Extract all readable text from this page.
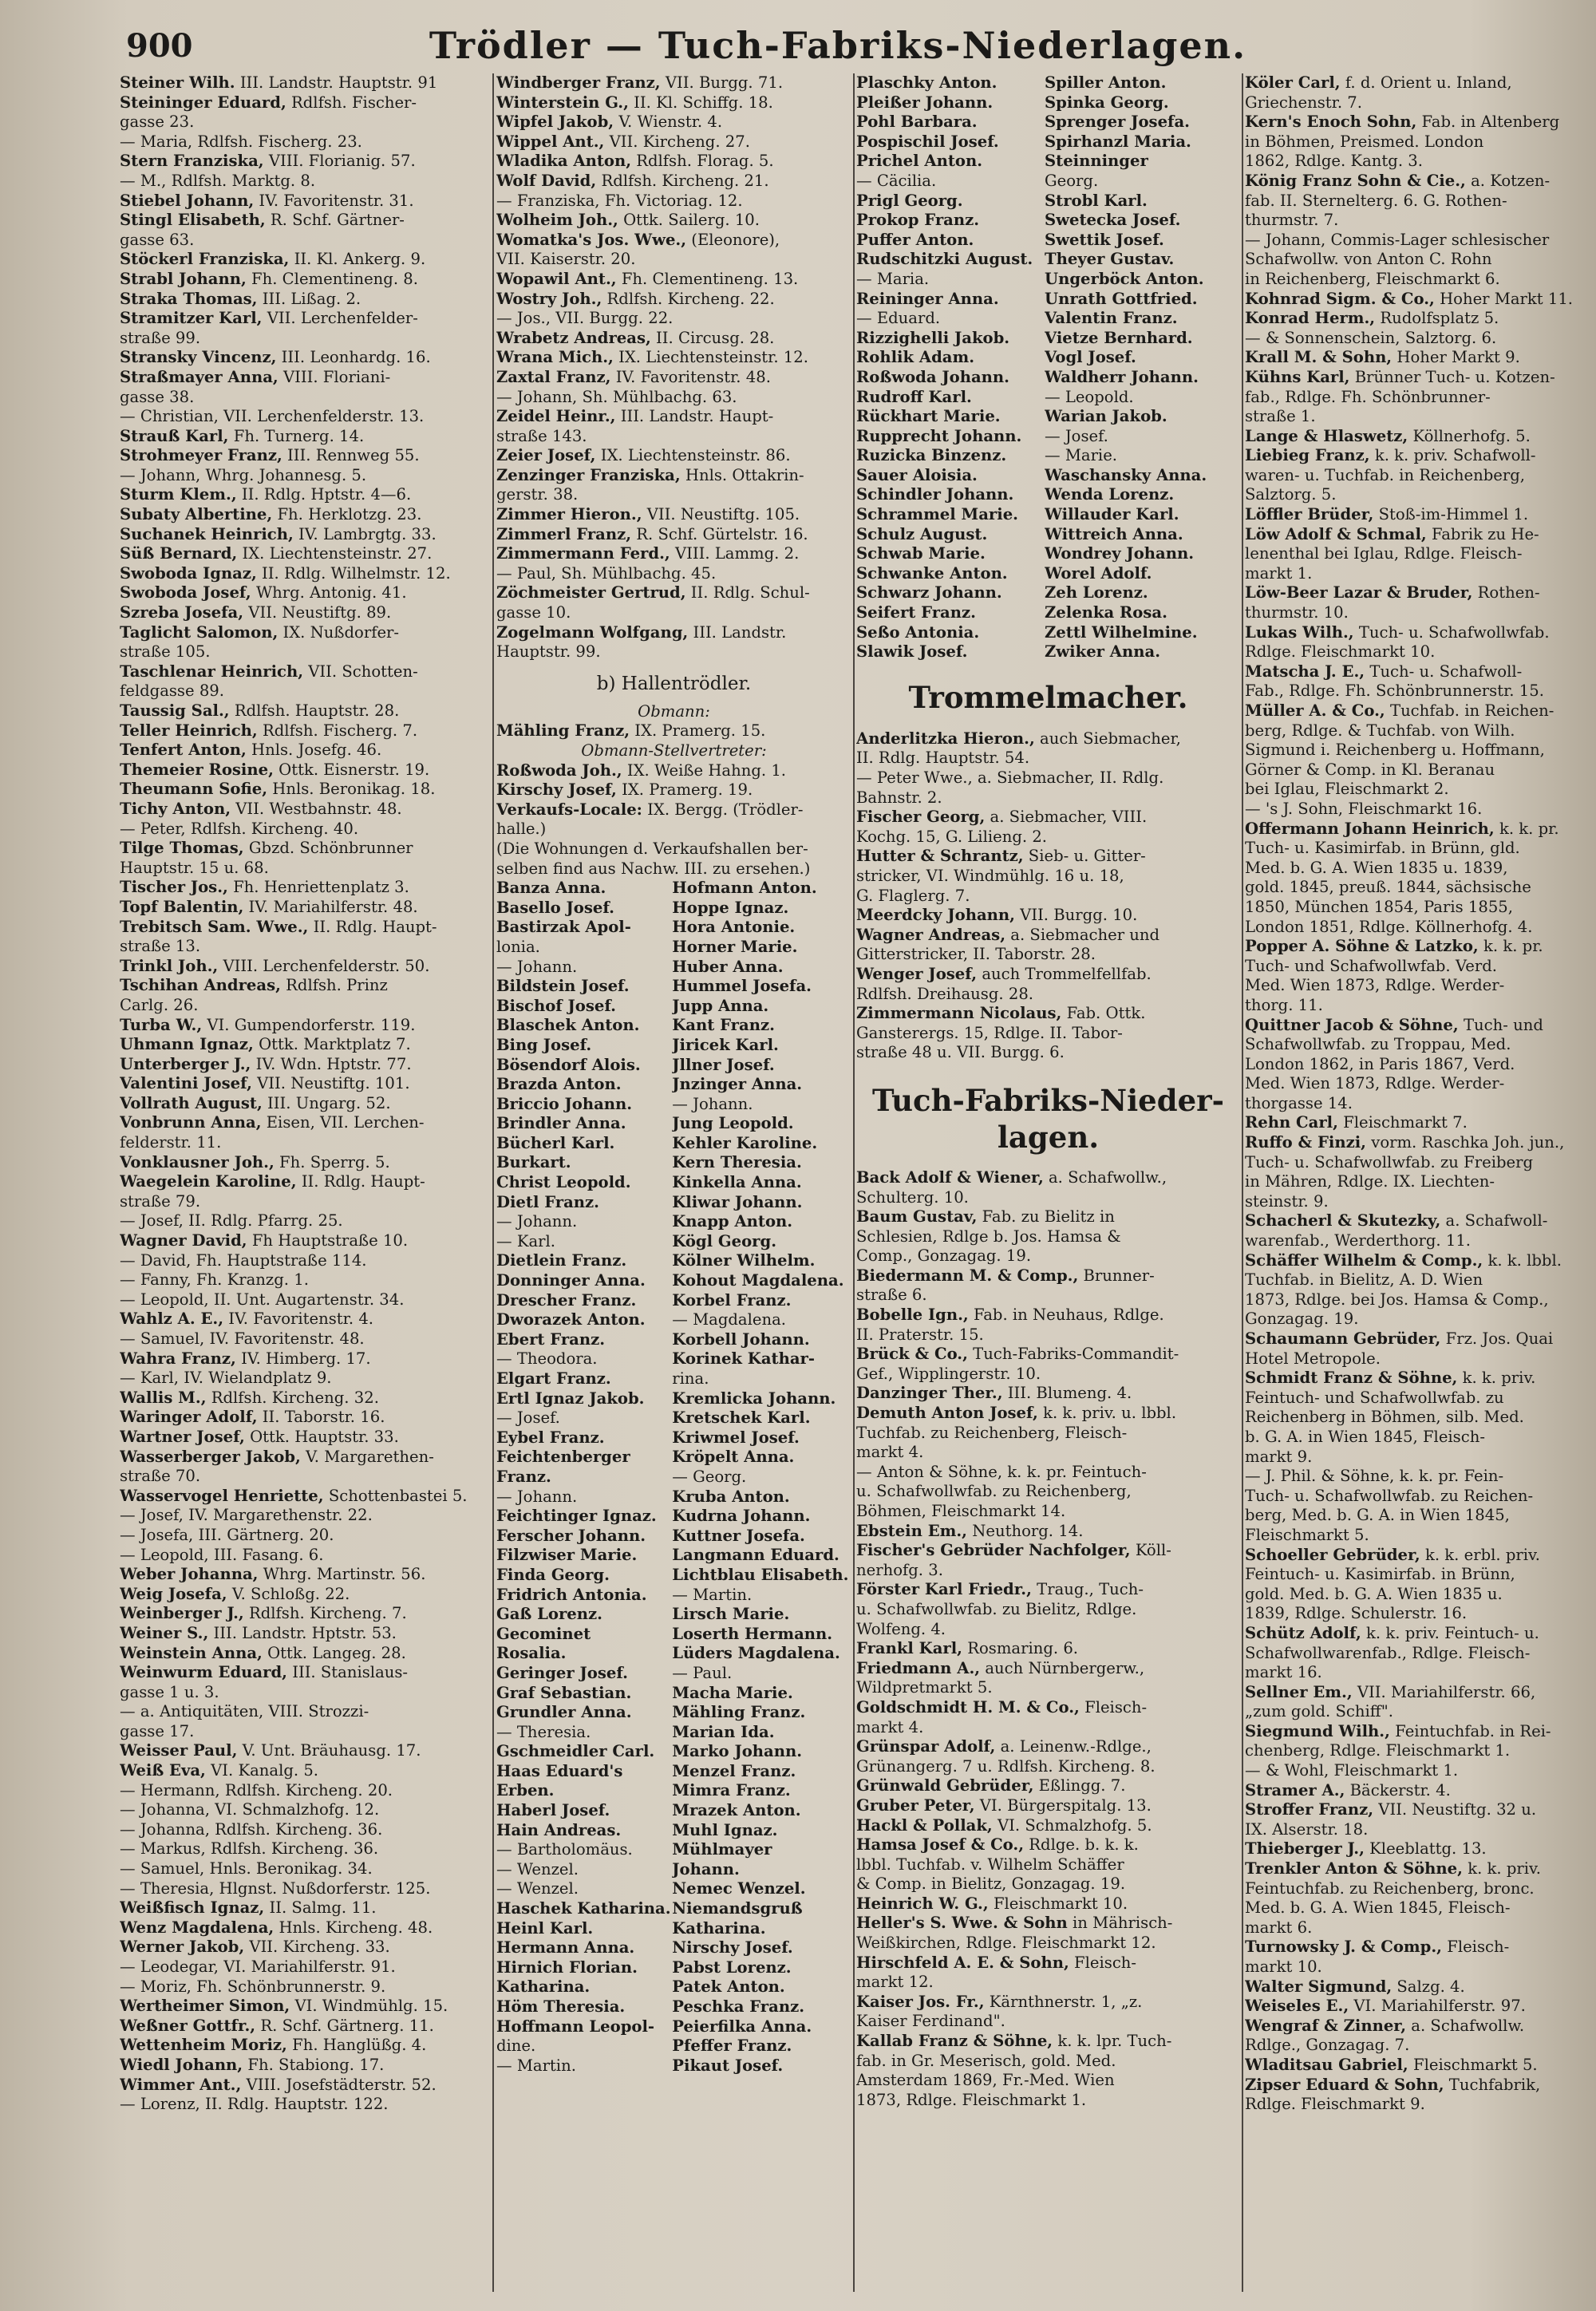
900	Trödler — Tuch-Fabriks-Niederlagen.
Steiner Wilh. III. Landstr. Hauptstr. 91
Steininger Eduard, Rdlfsh. Fischer-
gasse 23.
— Maria, Rdlfsh. Fischerg. 23.
Stern Franziska, VIII. Florianig. 57.
— M., Rdlfsh. Marktg. 8.
Stiebel Johann, IV. Favoritenstr. 31.
Stingl Elisabeth, R. Schf. Gärtner-
gasse 63.
Stöckerl Franziska, II. Kl. Ankerg. 9.
Strabl Johann, Fh. Clementineng. 8.
Straka Thomas, III. Lißag. 2.
Stramitzer Karl, VII. Lerchenfelder-
straße 99.
Stransky Vincenz, III. Leonhardg. 16.
Straßmayer Anna, VIII. Floriani-
gasse 38.
— Christian, VII. Lerchenfelderstr. 13.
Strauß Karl, Fh. Turnerg. 14.
Strohmeyer Franz, III. Rennweg 55.
— Johann, Whrg. Johannesg. 5.
Sturm Klem., II. Rdlg. Hptstr. 4—6.
Subaty Albertine, Fh. Herklotzg. 23.
Suchanek Heinrich, IV. Lambrgtg. 33.
Süß Bernard, IX. Liechtensteinstr. 27.
Swoboda Ignaz, II. Rdlg. Wilhelmstr. 12.
Swoboda Josef, Whrg. Antonig. 41.
Szreba Josefa, VII. Neustiftg. 89.
Taglicht Salomon, IX. Nußdorfer-
straße 105.
Taschlenar Heinrich, VII. Schotten-
feldgasse 89.
Taussig Sal., Rdlfsh. Hauptstr. 28.
Teller Heinrich, Rdlfsh. Fischerg. 7.
Tenfert Anton, Hnls. Josefg. 46.
Themeier Rosine, Ottk. Eisnerstr. 19.
Theumann Sofie, Hnls. Beronikag. 18.
Tichy Anton, VII. Westbahnstr. 48.
— Peter, Rdlfsh. Kircheng. 40.
Tilge Thomas, Gbzd. Schönbrunner
Hauptstr. 15 u. 68.
Tischer Jos., Fh. Henriettenplatz 3.
Topf Balentin, IV. Mariahilferstr. 48.
Trebitsch Sam. Wwe., II. Rdlg. Haupt-
straße 13.
Trinkl Joh., VIII. Lerchenfelderstr. 50.
Tschihan Andreas, Rdlfsh. Prinz
Carlg. 26.
Turba W., VI. Gumpendorferstr. 119.
Uhmann Ignaz, Ottk. Marktplatz 7.
Unterberger J., IV. Wdn. Hptstr. 77.
Valentini Josef, VII. Neustiftg. 101.
Vollrath August, III. Ungarg. 52.
Vonbrunn Anna, Eisen, VII. Lerchen-
felderstr. 11.
Vonklausner Joh., Fh. Sperrg. 5.
Waegelein Karoline, II. Rdlg. Haupt-
straße 79.
— Josef, II. Rdlg. Pfarrg. 25.
Wagner David, Fh Hauptstraße 10.
— David, Fh. Hauptstraße 114.
— Fanny, Fh. Kranzg. 1.
— Leopold, II. Unt. Augartenstr. 34.
Wahlz A. E., IV. Favoritenstr. 4.
— Samuel, IV. Favoritenstr. 48.
Wahra Franz, IV. Himberg. 17.
— Karl, IV. Wielandplatz 9.
Wallis M., Rdlfsh. Kircheng. 32.
Waringer Adolf, II. Taborstr. 16.
Wartner Josef, Ottk. Hauptstr. 33.
Wasserberger Jakob, V. Margarethen-
straße 70.
Wasservogel Henriette, Schottenbastei 5.
— Josef, IV. Margarethenstr. 22.
— Josefa, III. Gärtnerg. 20.
— Leopold, III. Fasang. 6.
Weber Johanna, Whrg. Martinstr. 56.
Weig Josefa, V. Schloßg. 22.
Weinberger J., Rdlfsh. Kircheng. 7.
Weiner S., III. Landstr. Hptstr. 53.
Weinstein Anna, Ottk. Langeg. 28.
Weinwurm Eduard, III. Stanislaus-
gasse 1 u. 3.
— a. Antiquitäten, VIII. Strozzi-
gasse 17.
Weisser Paul, V. Unt. Bräuhausg. 17.
Weiß Eva, VI. Kanalg. 5.
— Hermann, Rdlfsh. Kircheng. 20.
— Johanna, VI. Schmalzhofg. 12.
— Johanna, Rdlfsh. Kircheng. 36.
— Markus, Rdlfsh. Kircheng. 36.
— Samuel, Hnls. Beronikag. 34.
— Theresia, Hlgnst. Nußdorferstr. 125.
Weißfisch Ignaz, II. Salmg. 11.
Wenz Magdalena, Hnls. Kircheng. 48.
Werner Jakob, VII. Kircheng. 33.
— Leodegar, VI. Mariahilferstr. 91.
— Moriz, Fh. Schönbrunnerstr. 9.
Wertheimer Simon, VI. Windmühlg. 15.
Weßner Gottfr., R. Schf. Gärtnerg. 11.
Wettenheim Moriz, Fh. Hanglüßg. 4.
Wiedl Johann, Fh. Stabiong. 17.
Wimmer Ant., VIII. Josefstädterstr. 52.
— Lorenz, II. Rdlg. Hauptstr. 122.
Windberger Franz, VII. Burgg. 71.
Winterstein G., II. Kl. Schiffg. 18.
Wipfel Jakob, V. Wienstr. 4.
Wippel Ant., VII. Kircheng. 27.
Wladika Anton, Rdlfsh. Florag. 5.
Wolf David, Rdlfsh. Kircheng. 21.
— Franziska, Fh. Victoriag. 12.
Wolheim Joh., Ottk. Sailerg. 10.
Womatka's Jos. Wwe., (Eleonore),
VII. Kaiserstr. 20.
Wopawil Ant., Fh. Clementineng. 13.
Wostry Joh., Rdlfsh. Kircheng. 22.
— Jos., VII. Burgg. 22.
Wrabetz Andreas, II. Circusg. 28.
Wrana Mich., IX. Liechtensteinstr. 12.
Zaxtal Franz, IV. Favoritenstr. 48.
— Johann, Sh. Mühlbachg. 63.
Zeidel Heinr., III. Landstr. Haupt-
straße 143.
Zeier Josef, IX. Liechtensteinstr. 86.
Zenzinger Franziska, Hnls. Ottakrin-
gerstr. 38.
Zimmer Hieron., VII. Neustiftg. 105.
Zimmerl Franz, R. Schf. Gürtelstr. 16.
Zimmermann Ferd., VIII. Lammg. 2.
— Paul, Sh. Mühlbachg. 45.
Zöchmeister Gertrud, II. Rdlg. Schul-
gasse 10.
Zogelmann Wolfgang, III. Landstr.
Hauptstr. 99.
b) Hallentrödler.
Obmann:
Mähling Franz, IX. Pramerg. 15.
Obmann-Stellvertreter:
Roßwoda Joh., IX. Weiße Hahng. 1.
Kirschy Josef, IX. Pramerg. 19.
Verkaufs-Locale: IX. Bergg. (Trödler-
halle.)
(Die Wohnungen d. Verkaufshallen ber-
selben find aus Nachw. III. zu ersehen.)
Banza Anna.	Hofmann Anton.
Basello Josef.	Hoppe Ignaz.
Bastirzak Apol-	Hora Antonie.
lonia.	Horner Marie.
— Johann.	Huber Anna.
Bildstein Josef.	Hummel Josefa.
Bischof Josef.	Jupp Anna.
Blaschek Anton.	Kant Franz.
Bing Josef.	Jiricek Karl.
Bösendorf Alois.	Jllner Josef.
Brazda Anton.	Jnzinger Anna.
Briccio Johann.	— Johann.
Brindler Anna.	Jung Leopold.
Bücherl Karl.	Kehler Karoline.
Burkart.	Kern Theresia.
Christ Leopold.	Kinkella Anna.
Dietl Franz.	Kliwar Johann.
— Johann.	Knapp Anton.
— Karl.	Kögl Georg.
Dietlein Franz.	Kölner Wilhelm.
Donninger Anna.	Kohout Magdalena.
Drescher Franz.	Korbel Franz.
Dworazek Anton.	— Magdalena.
Ebert Franz.	Korbell Johann.
— Theodora.	Korinek Kathar-
Elgart Franz.	rina.
Ertl Ignaz Jakob.	Kremlicka Johann.
— Josef.	Kretschek Karl.
Eybel Franz.	Kriwmel Josef.
Feichtenberger	Kröpelt Anna.
Franz.	— Georg.
— Johann.	Kruba Anton.
Feichtinger Ignaz. Kudrna Johann.
Ferscher Johann.	Kuttner Josefa.
Filzwiser Marie.	Langmann Eduard.
Finda Georg.	Lichtblau Elisabeth.
Fridrich Antonia.	— Martin.
Gaß Lorenz.	Lirsch Marie.
Gecominet	Loserth Hermann.
Rosalia.	Lüders Magdalena.
Geringer Josef.	— Paul.
Graf Sebastian.	Macha Marie.
Grundler Anna.	Mähling Franz.
— Theresia.	Marian Ida.
Gschmeidler Carl.	Marko Johann.
Haas Eduard's	Menzel Franz.
Erben.	Mimra Franz.
Haberl Josef.	Mrazek Anton.
Hain Andreas.	Muhl Ignaz.
— Bartholomäus.	Mühlmayer
— Wenzel.	Johann.
— Wenzel.	Nemec Wenzel.
Haschek Katharina. Niemandsgruß
Heinl Karl.	Katharina.
Hermann Anna.	Nirschy Josef.
Hirnich Florian.	Pabst Lorenz.
Katharina.	Patek Anton.
Höm Theresia.	Peschka Franz.
Hoffmann Leopol-	Peierfilka Anna.
dine.	Pfeffer Franz.
— Martin.	Pikaut Josef.
Plaschky Anton.
Pleißer Johann.
Pohl Barbara.
Pospischil Josef.
Prichel Anton.
— Cäcilia.
Prigl Georg.
Prokop Franz.
Puffer Anton.
Rudschitzki August.
— Maria.
Reininger Anna.
— Eduard.
Rizzighelli Jakob.
Rohlik Adam.
Roßwoda Johann.
Rudroff Karl.
Rückhart Marie.
Rupprecht Johann.
Ruzicka Binzenz.
Sauer Aloisia.
Schindler Johann.
Schrammel Marie.
Schulz August.
Schwab Marie.
Schwanke Anton.
Schwarz Johann.
Seifert Franz.
Seßo Antonia.
Slawik Josef.
Spiller Anton.
Spinka Georg.
Sprenger Josefa.
Spirhanzl Maria.
Steinninger
Georg.
Strobl Karl.
Swetecka Josef.
Swettik Josef.
Theyer Gustav.
Ungerböck Anton.
Unrath Gottfried.
Valentin Franz.
Vietze Bernhard.
Vogl Josef.
Waldherr Johann.
— Leopold.
Warian Jakob.
— Josef.
— Marie.
Waschansky Anna.
Wenda Lorenz.
Willauder Karl.
Wittreich Anna.
Wondrey Johann.
Worel Adolf.
Zeh Lorenz.
Zelenka Rosa.
Zettl Wilhelmine.
Zwiker Anna.
Trommelmacher.
Anderlitzka Hieron., auch Siebmacher,
II. Rdlg. Hauptstr. 54.
— Peter Wwe., a. Siebmacher, II. Rdlg.
Bahnstr. 2.
Fischer Georg, a. Siebmacher, VIII.
Kochg. 15, G. Lilieng. 2.
Hutter & Schrantz, Sieb- u. Gitter-
stricker, VI. Windmühlg. 16 u. 18,
G. Flaglerg. 7.
Meerdcky Johann, VII. Burgg. 10.
Wagner Andreas, a. Siebmacher und
Gitterstricker, II. Taborstr. 28.
Wenger Josef, auch Trommelfellfab.
Rdlfsh. Dreihausg. 28.
Zimmermann Nicolaus, Fab. Ottk.
Gansterergs. 15, Rdlge. II. Tabor-
straße 48 u. VII. Burgg. 6.
Tuch-Fabriks-Nieder-
lagen.
Back Adolf & Wiener, a. Schafwollw.,
Schulterg. 10.
Baum Gustav, Fab. zu Bielitz in
Schlesien, Rdlge b. Jos. Hamsa &
Comp., Gonzagag. 19.
Biedermann M. & Comp., Brunner-
straße 6.
Bobelle Ign., Fab. in Neuhaus, Rdlge.
II. Praterstr. 15.
Brück & Co., Tuch-Fabriks-Commandit-
Gef., Wipplingerstr. 10.
Danzinger Ther., III. Blumeng. 4.
Demuth Anton Josef, k. k. priv. u. lbbl.
Tuchfab. zu Reichenberg, Fleisch-
markt 4.
— Anton & Söhne, k. k. pr. Feintuch-
u. Schafwollwfab. zu Reichenberg,
Böhmen, Fleischmarkt 14.
Ebstein Em., Neuthorg. 14.
Fischer's Gebrüder Nachfolger, Köll-
nerhofg. 3.
Förster Karl Friedr., Traug., Tuch-
u. Schafwollwfab. zu Bielitz, Rdlge.
Wolfeng. 4.
Frankl Karl, Rosmaring. 6.
Friedmann A., auch Nürnbergerw.,
Wildpretmarkt 5.
Goldschmidt H. M. & Co., Fleisch-
markt 4.
Grünspar Adolf, a. Leinenw.-Rdlge.,
Grünangerg. 7 u. Rdlfsh. Kircheng. 8.
Grünwald Gebrüder, Eßlingg. 7.
Gruber Peter, VI. Bürgerspitalg. 13.
Hackl & Pollak, VI. Schmalzhofg. 5.
Hamsa Josef & Co., Rdlge. b. k. k.
lbbl. Tuchfab. v. Wilhelm Schäffer
& Comp. in Bielitz, Gonzagag. 19.
Heinrich W. G., Fleischmarkt 10.
Heller's S. Wwe. & Sohn in Mährisch-
Weißkirchen, Rdlge. Fleischmarkt 12.
Hirschfeld A. E. & Sohn, Fleisch-
markt 12.
Kaiser Jos. Fr., Kärnthnerstr. 1, „z.
Kaiser Ferdinand".
Kallab Franz & Söhne, k. k. lpr. Tuch-
fab. in Gr. Meserisch, gold. Med.
Amsterdam 1869, Fr.-Med. Wien
1873, Rdlge. Fleischmarkt 1.
Köler Carl, f. d. Orient u. Inland,
Griechenstr. 7.
Kern's Enoch Sohn, Fab. in Altenberg
in Böhmen, Preismed. London
1862, Rdlge. Kantg. 3.
König Franz Sohn & Cie., a. Kotzen-
fab. II. Sternelterg. 6. G. Rothen-
thurmstr. 7.
— Johann, Commis-Lager schlesischer
Schafwollw. von Anton C. Rohn
in Reichenberg, Fleischmarkt 6.
Kohnrad Sigm. & Co., Hoher Markt 11.
Konrad Herm., Rudolfsplatz 5.
— & Sonnenschein, Salztorg. 6.
Krall M. & Sohn, Hoher Markt 9.
Kühns Karl, Brünner Tuch- u. Kotzen-
fab., Rdlge. Fh. Schönbrunner-
straße 1.
Lange & Hlaswetz, Köllnerhofg. 5.
Liebieg Franz, k. k. priv. Schafwoll-
waren- u. Tuchfab. in Reichenberg,
Salztorg. 5.
Löffler Brüder, Stoß-im-Himmel 1.
Löw Adolf & Schmal, Fabrik zu He-
lenenthal bei Iglau, Rdlge. Fleisch-
markt 1.
Löw-Beer Lazar & Bruder, Rothen-
thurmstr. 10.
Lukas Wilh., Tuch- u. Schafwollwfab.
Rdlge. Fleischmarkt 10.
Matscha J. E., Tuch- u. Schafwoll-
Fab., Rdlge. Fh. Schönbrunnerstr. 15.
Müller A. & Co., Tuchfab. in Reichen-
berg, Rdlge. & Tuchfab. von Wilh.
Sigmund i. Reichenberg u. Hoffmann,
Görner & Comp. in Kl. Beranau
bei Iglau, Fleischmarkt 2.
— 's J. Sohn, Fleischmarkt 16.
Offermann Johann Heinrich, k. k. pr.
Tuch- u. Kasimirfab. in Brünn, gld.
Med. b. G. A. Wien 1835 u. 1839,
gold. 1845, preuß. 1844, sächsische
1850, München 1854, Paris 1855,
London 1851, Rdlge. Köllnerhofg. 4.
Popper A. Söhne & Latzko, k. k. pr.
Tuch- und Schafwollwfab. Verd.
Med. Wien 1873, Rdlge. Werder-
thorg. 11.
Quittner Jacob & Söhne, Tuch- und
Schafwollwfab. zu Troppau, Med.
London 1862, in Paris 1867, Verd.
Med. Wien 1873, Rdlge. Werder-
thorgasse 14.
Rehn Carl, Fleischmarkt 7.
Ruffo & Finzi, vorm. Raschka Joh. jun.,
Tuch- u. Schafwollwfab. zu Freiberg
in Mähren, Rdlge. IX. Liechten-
steinstr. 9.
Schacherl & Skutezky, a. Schafwoll-
warenfab., Werderthorg. 11.
Schäffer Wilhelm & Comp., k. k. lbbl.
Tuchfab. in Bielitz, A. D. Wien
1873, Rdlge. bei Jos. Hamsa & Comp.,
Gonzagag. 19.
Schaumann Gebrüder, Frz. Jos. Quai
Hotel Metropole.
Schmidt Franz & Söhne, k. k. priv.
Feintuch- und Schafwollwfab. zu
Reichenberg in Böhmen, silb. Med.
b. G. A. in Wien 1845, Fleisch-
markt 9.
— J. Phil. & Söhne, k. k. pr. Fein-
Tuch- u. Schafwollwfab. zu Reichen-
berg, Med. b. G. A. in Wien 1845,
Fleischmarkt 5.
Schoeller Gebrüder, k. k. erbl. priv.
Feintuch- u. Kasimirfab. in Brünn,
gold. Med. b. G. A. Wien 1835 u.
1839, Rdlge. Schulerstr. 16.
Schütz Adolf, k. k. priv. Feintuch- u.
Schafwollwarenfab., Rdlge. Fleisch-
markt 16.
Sellner Em., VII. Mariahilferstr. 66,
„zum gold. Schiff".
Siegmund Wilh., Feintuchfab. in Rei-
chenberg, Rdlge. Fleischmarkt 1.
— & Wohl, Fleischmarkt 1.
Stramer A., Bäckerstr. 4.
Stroffer Franz, VII. Neustiftg. 32 u.
IX. Alserstr. 18.
Thieberger J., Kleeblattg. 13.
Trenkler Anton & Söhne, k. k. priv.
Feintuchfab. zu Reichenberg, bronc.
Med. b. G. A. Wien 1845, Fleisch-
markt 6.
Turnowsky J. & Comp., Fleisch-
markt 10.
Walter Sigmund, Salzg. 4.
Weiseles E., VI. Mariahilferstr. 97.
Wengraf & Zinner, a. Schafwollw.
Rdlge., Gonzagag. 7.
Wladitsau Gabriel, Fleischmarkt 5.
Zipser Eduard & Sohn, Tuchfabrik,
Rdlge. Fleischmarkt 9.
